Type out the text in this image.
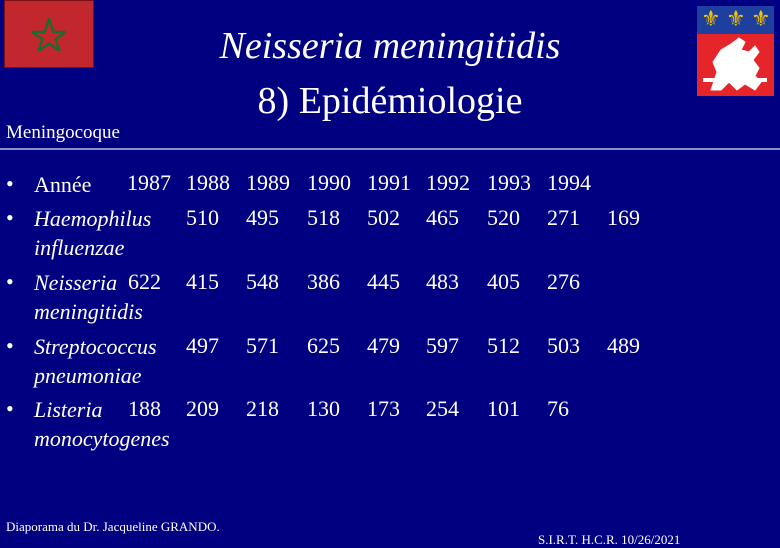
⚜ ⚜ ⚜
Neisseria meningitidis
8) Epidémiologie
Meningocoque
• Année 1987 1988 1989 1990 1991 1992 1993 1994
• Haemophilus
influenzae
510 495 518 502 465 520 271 169
• Neisseria
meningitidis
622 415 548 386 445 483 405 276
• Streptococcus
pneumoniae
497 571 625 479 597 512 503 489
• Listeria
monocytogenes
188 209 218 130 173 254 101 76
Diaporama du Dr. Jacqueline GRANDO.
S.I.R.T. H.C.R. 10/26/2021
